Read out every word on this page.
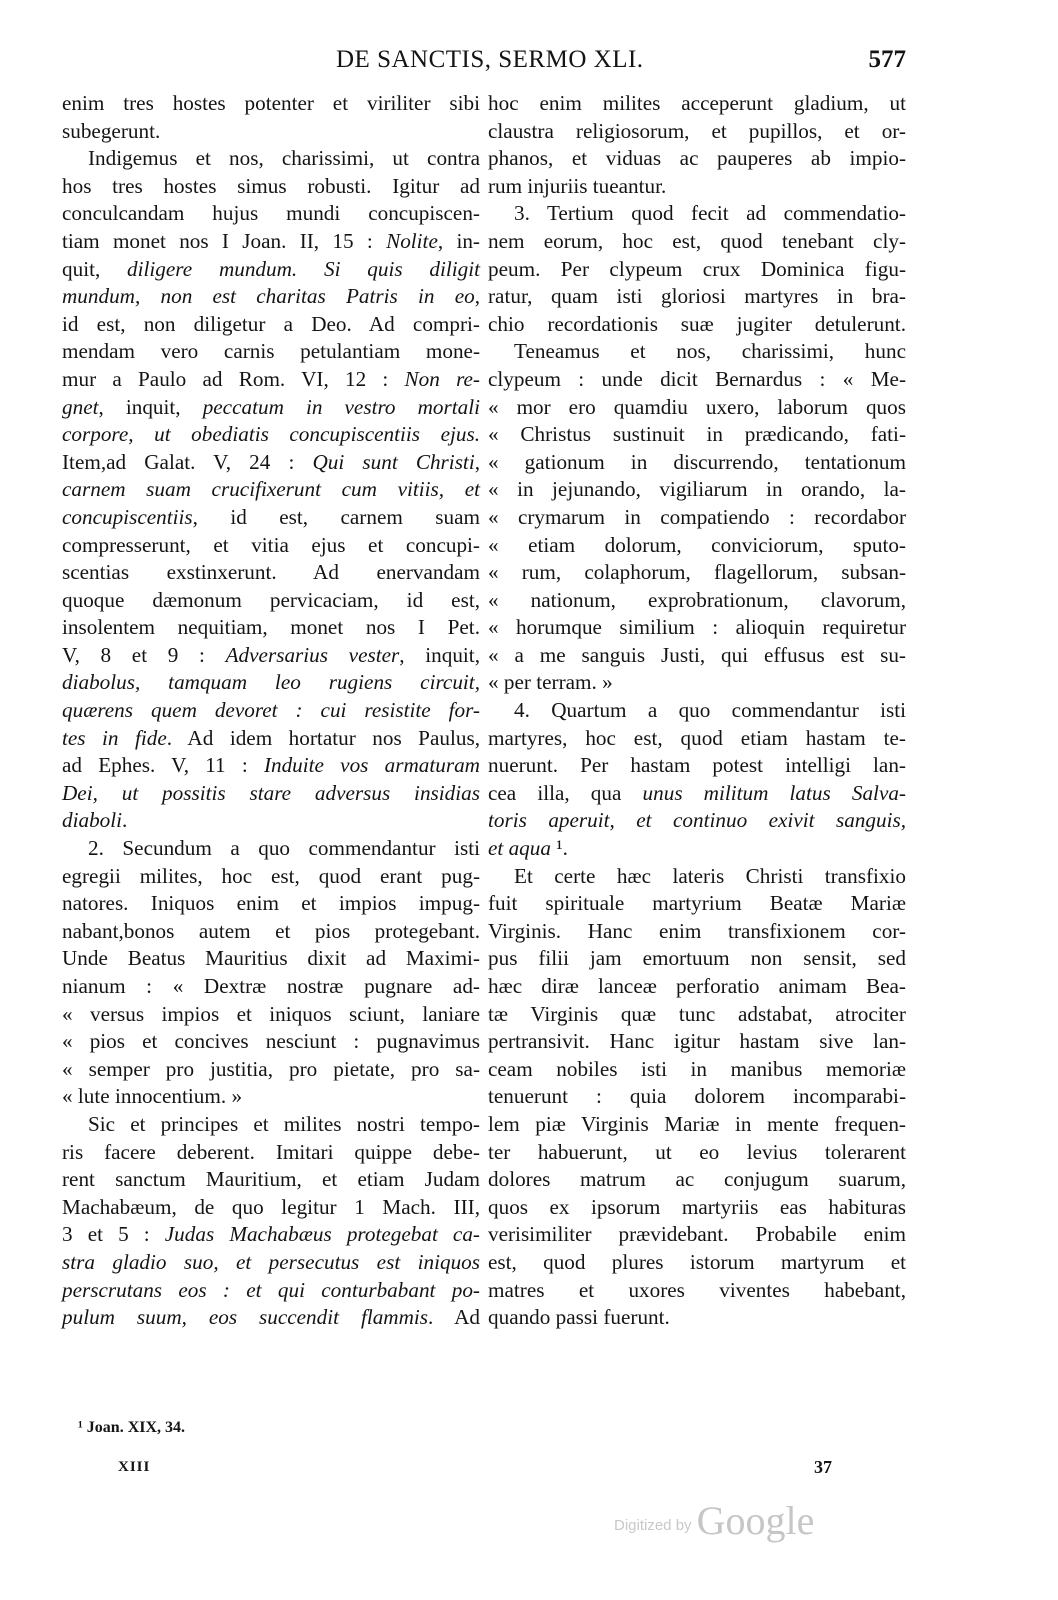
DE SANCTIS, SERMO XLI.	577
enim tres hostes potenter et viriliter sibi
subegerunt.
Indigemus et nos, charissimi, ut contra
hos tres hostes simus robusti. Igitur ad
conculcandam hujus mundi concupiscen-
tiam monet nos I Joan. II, 15 : Nolite, in-
quit, diligere mundum. Si quis diligit
mundum, non est charitas Patris in eo,
id est, non diligetur a Deo. Ad compri-
mendam vero carnis petulantiam mone-
mur a Paulo ad Rom. VI, 12 : Non re-
gnet, inquit, peccatum in vestro mortali
corpore, ut obediatis concupiscentiis ejus.
Item,ad Galat. V, 24 : Qui sunt Christi,
carnem suam crucifixerunt cum vitiis, et
concupiscentiis, id est, carnem suam
compresserunt, et vitia ejus et concupi-
scentias exstinxerunt. Ad enervandam
quoque dæmonum pervicaciam, id est,
insolentem nequitiam, monet nos I Pet.
V, 8 et 9 : Adversarius vester, inquit,
diabolus, tamquam leo rugiens circuit,
quærens quem devoret : cui resistite for-
tes in fide. Ad idem hortatur nos Paulus,
ad Ephes. V, 11 : Induite vos armaturam
Dei, ut possitis stare adversus insidias
diaboli.
2. Secundum a quo commendantur isti
egregii milites, hoc est, quod erant pug-
natores. Iniquos enim et impios impug-
nabant,bonos autem et pios protegebant.
Unde Beatus Mauritius dixit ad Maximi-
nianum : « Dextræ nostræ pugnare ad-
« versus impios et iniquos sciunt, laniare
« pios et concives nesciunt : pugnavimus
« semper pro justitia, pro pietate, pro sa-
« lute innocentium. »
Sic et principes et milites nostri tempo-
ris facere deberent. Imitari quippe debe-
rent sanctum Mauritium, et etiam Judam
Machabæum, de quo legitur 1 Mach. III,
3 et 5 : Judas Machabæus protegebat ca-
stra gladio suo, et persecutus est iniquos
perscrutans eos : et qui conturbabant po-
pulum suum, eos succendit flammis. Ad
hoc enim milites acceperunt gladium, ut
claustra religiosorum, et pupillos, et or-
phanos, et viduas ac pauperes ab impio-
rum injuriis tueantur.
3. Tertium quod fecit ad commendatio-
nem eorum, hoc est, quod tenebant cly-
peum. Per clypeum crux Dominica figu-
ratur, quam isti gloriosi martyres in bra-
chio recordationis suæ jugiter detulerunt.
Teneamus et nos, charissimi, hunc
clypeum : unde dicit Bernardus : « Me-
« mor ero quamdiu uxero, laborum quos
« Christus sustinuit in prædicando, fati-
« gationum in discurrendo, tentationum
« in jejunando, vigiliarum in orando, la-
« crymarum in compatiendo : recordabor
« etiam dolorum, conviciorum, sputo-
« rum, colaphorum, flagellorum, subsan-
« nationum, exprobrationum, clavorum,
« horumque similium : alioquin requiretur
« a me sanguis Justi, qui effusus est su-
« per terram. »
4. Quartum a quo commendantur isti
martyres, hoc est, quod etiam hastam te-
nuerunt. Per hastam potest intelligi lan-
cea illa, qua unus militum latus Salva-
toris aperuit, et continuo exivit sanguis,
et aqua ¹.
Et certe hæc lateris Christi transfixio
fuit spirituale martyrium Beatæ Mariæ
Virginis. Hanc enim transfixionem cor-
pus filii jam emortuum non sensit, sed
hæc diræ lanceæ perforatio animam Bea-
tæ Virginis quæ tunc adstabat, atrociter
pertransivit. Hanc igitur hastam sive lan-
ceam nobiles isti in manibus memoriæ
tenuerunt : quia dolorem incomparabi-
lem piæ Virginis Mariæ in mente frequen-
ter habuerunt, ut eo levius tolerarent
dolores matrum ac conjugum suarum,
quos ex ipsorum martyriis eas habituras
verisimiliter prævidebant. Probabile enim
est, quod plures istorum martyrum et
matres et uxores viventes habebant,
quando passi fuerunt.
¹ Joan. XIX, 34.
XIII	37
Digitized by Google
